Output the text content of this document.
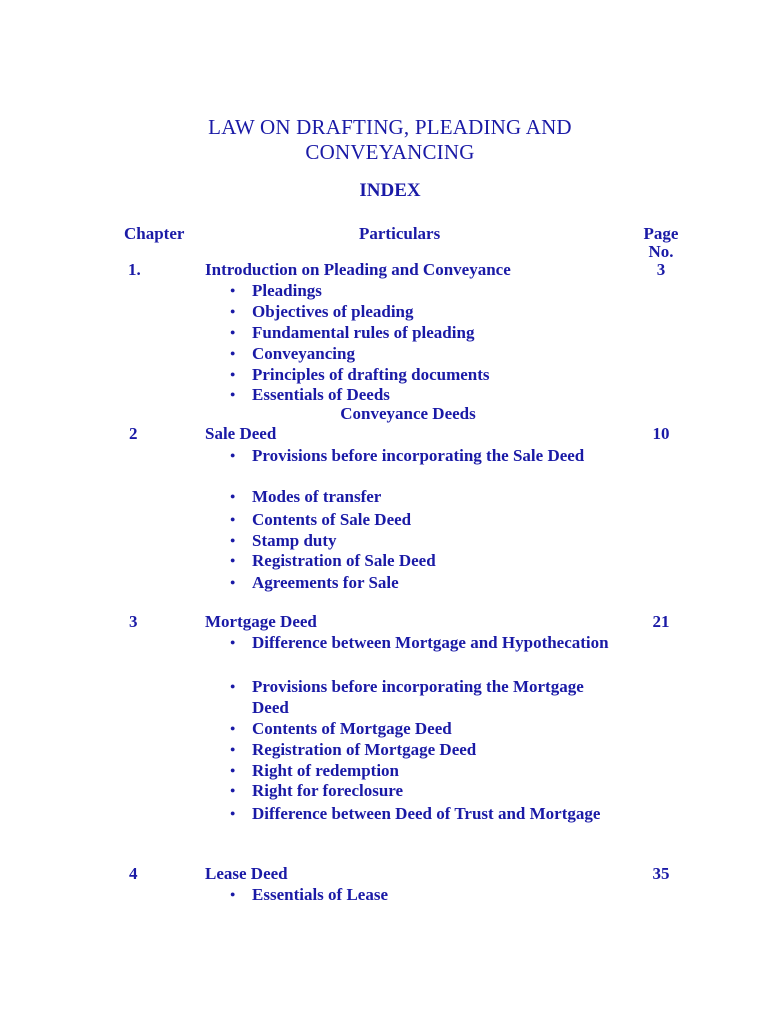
LAW ON DRAFTING, PLEADING AND
CONVEYANCING
INDEX
Chapter	Particulars	Page
No.
1.	Introduction on Pleading and Conveyance	3
● Pleadings
● Objectives of pleading
● Fundamental rules of pleading
● Conveyancing
● Principles of drafting documents
● Essentials of Deeds
Conveyance Deeds
2	Sale Deed	10
● Provisions before incorporating the Sale Deed
● Modes of transfer
● Contents of Sale Deed
● Stamp duty
● Registration of Sale Deed
● Agreements for Sale
3	Mortgage Deed	21
● Difference between Mortgage and Hypothecation
● Provisions before incorporating the Mortgage Deed
● Contents of Mortgage Deed
● Registration of Mortgage Deed
● Right of redemption
● Right for foreclosure
● Difference between Deed of Trust and Mortgage
4	Lease Deed	35
● Essentials of Lease
